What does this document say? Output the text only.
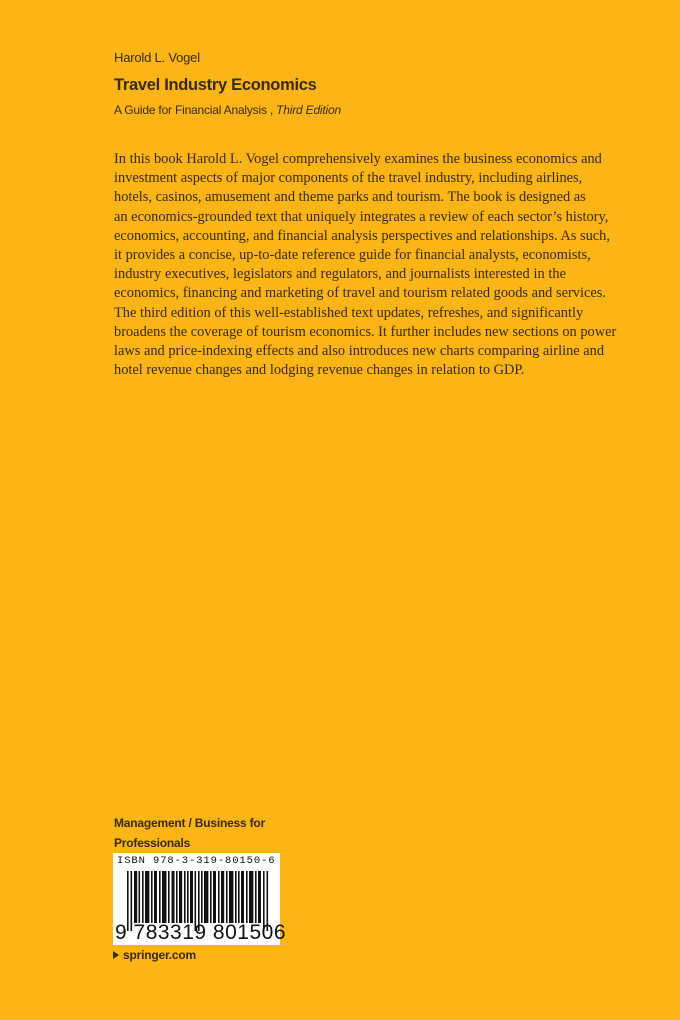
Harold L. Vogel
Travel Industry Economics
A Guide for Financial Analysis , Third Edition
In this book Harold L. Vogel comprehensively examines the business economics and
investment aspects of major components of the travel industry, including airlines,
hotels, casinos, amusement and theme parks and tourism. The book is designed as
an economics-grounded text that uniquely integrates a review of each sector’s history,
economics, accounting, and financial analysis perspectives and relationships. As such,
it provides a concise, up-to-date reference guide for financial analysts, economists,
industry executives, legislators and regulators, and journalists interested in the
economics, financing and marketing of travel and tourism related goods and services.
The third edition of this well-established text updates, refreshes, and significantly
broadens the coverage of tourism economics. It further includes new sections on power
laws and price-indexing effects and also introduces new charts comparing airline and
hotel revenue changes and lodging revenue changes in relation to GDP.
Management / Business for
Professionals
ISBN 978-3-319-80150-6
9 783319 801506
springer.com
